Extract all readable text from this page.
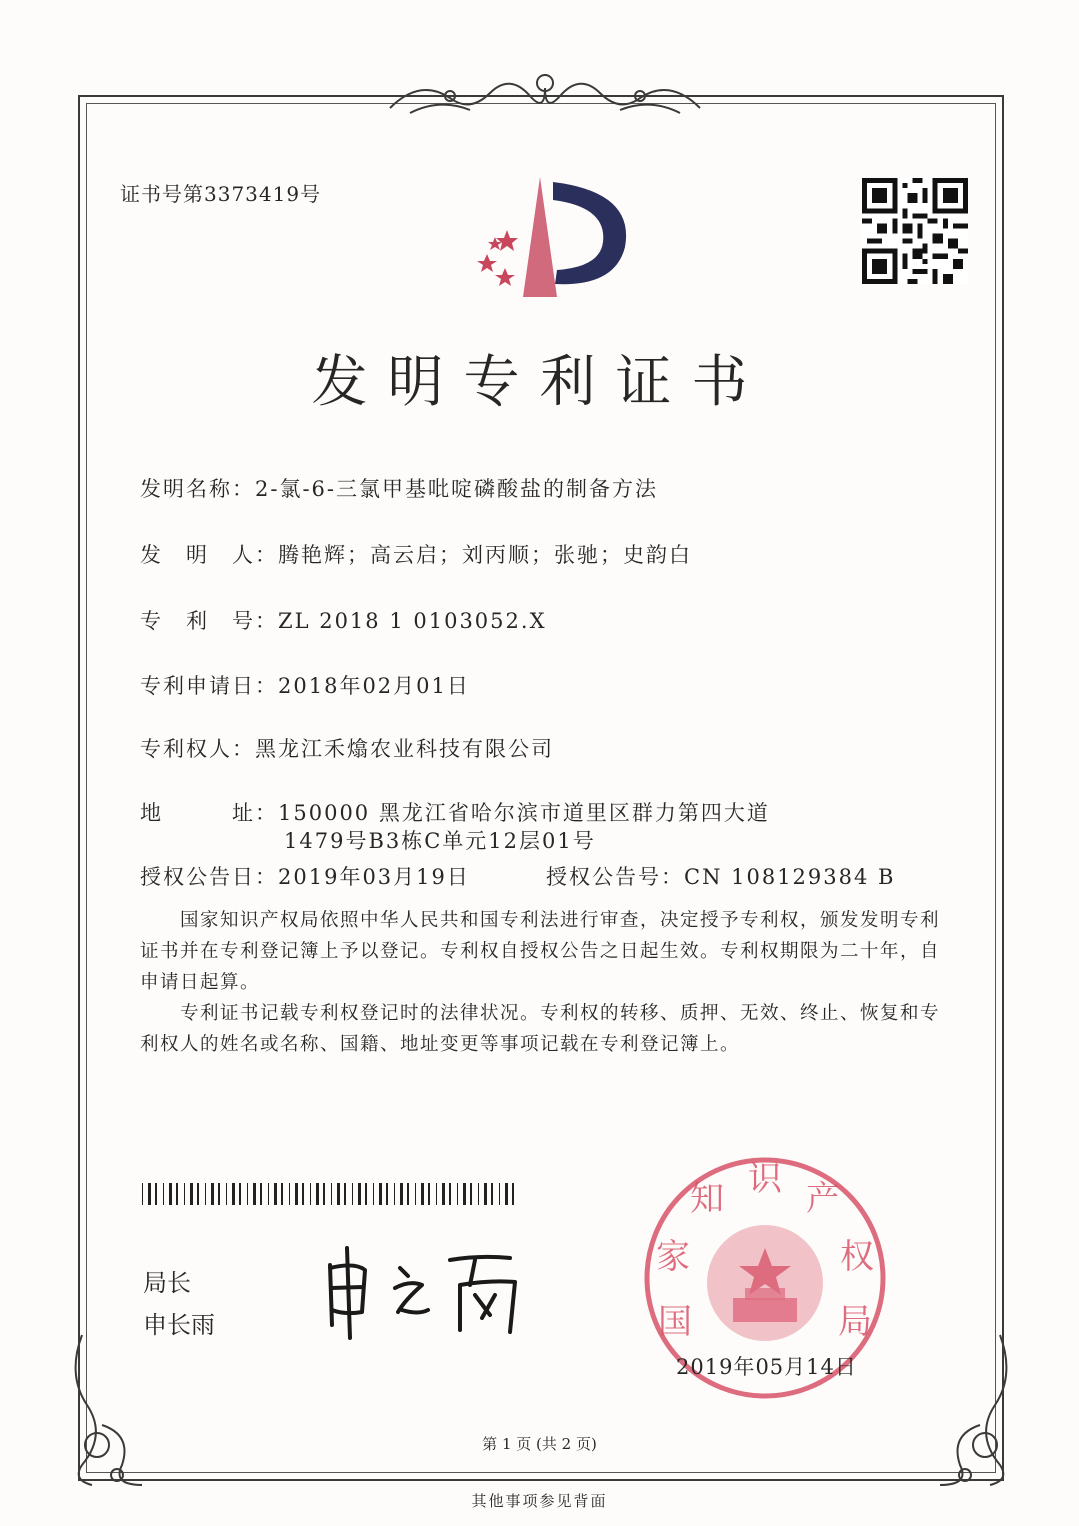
证书号第3373419号
发明专利证书
发明名称：2-氯-6-三氯甲基吡啶磷酸盐的制备方法
发　明　人：腾艳辉；高云启；刘丙顺；张驰；史韵白
专　利　号：ZL 2018 1 0103052.X
专利申请日：2018年02月01日
专利权人：黑龙江禾熻农业科技有限公司
地　　　址：150000 黑龙江省哈尔滨市道里区群力第四大道
1479号B3栋C单元12层01号
授权公告日：2019年03月19日	授权公告号：CN 108129384 B

国家知识产权局依照中华人民共和国专利法进行审查，决定授予专利权，颁发发明专利证书并在专利登记簿上予以登记。专利权自授权公告之日起生效。专利权期限为二十年，自申请日起算。

专利证书记载专利权登记时的法律状况。专利权的转移、质押、无效、终止、恢复和专利权人的姓名或名称、国籍、地址变更等事项记载在专利登记簿上。

局长
申长雨	国
家
知 识 产
权
局
2019年05月14日
第 1 页 (共 2 页)
其他事项参见背面
